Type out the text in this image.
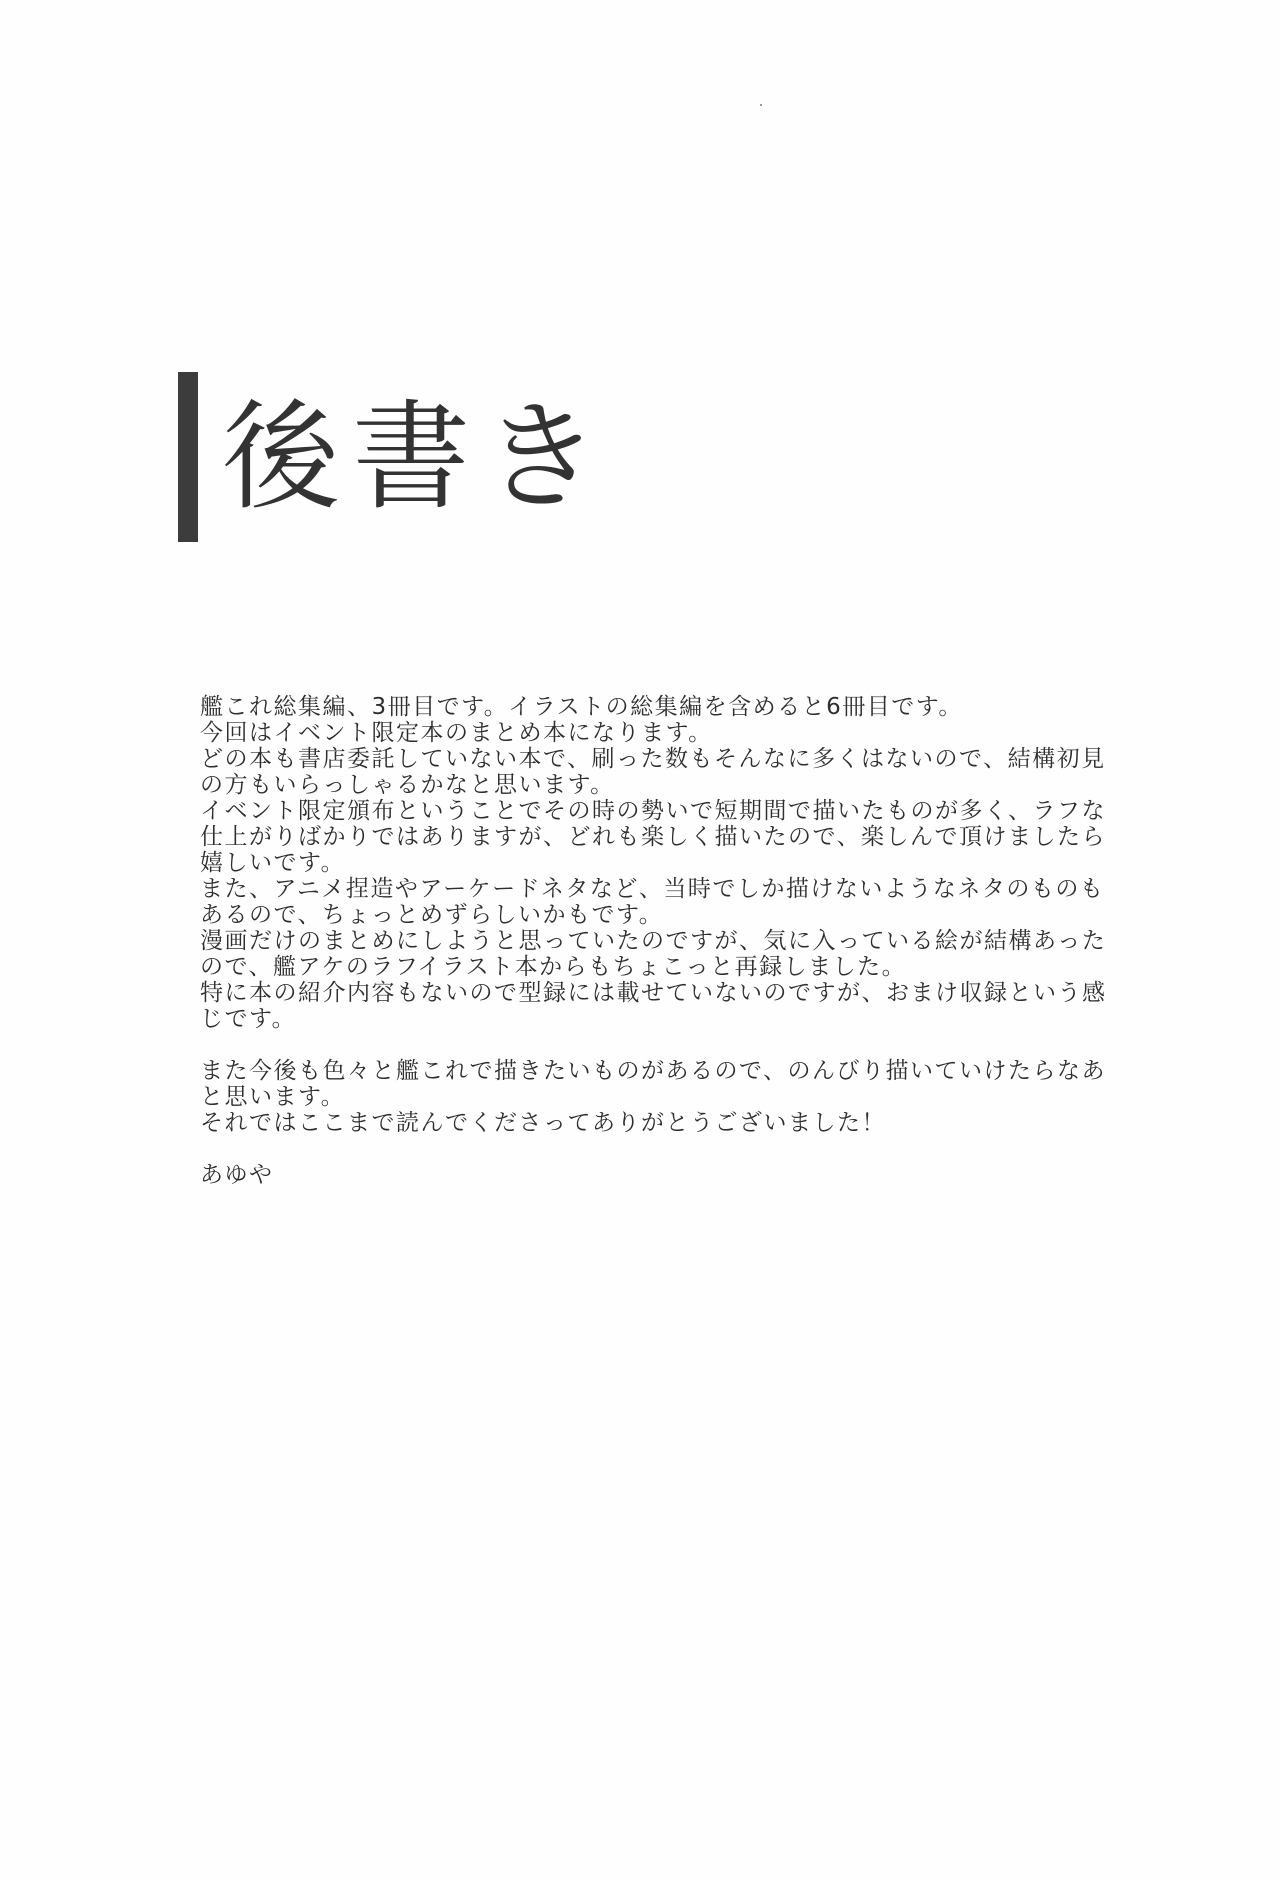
後書き
艦これ総集編、3冊目です。イラストの総集編を含めると6冊目です。
今回はイベント限定本のまとめ本になります。
どの本も書店委託していない本で、刷った数もそんなに多くはないので、結構初見
の方もいらっしゃるかなと思います。
イベント限定頒布ということでその時の勢いで短期間で描いたものが多く、ラフな
仕上がりばかりではありますが、どれも楽しく描いたので、楽しんで頂けましたら
嬉しいです。
また、アニメ捏造やアーケードネタなど、当時でしか描けないようなネタのものも
あるので、ちょっとめずらしいかもです。
漫画だけのまとめにしようと思っていたのですが、気に入っている絵が結構あった
ので、艦アケのラフイラスト本からもちょこっと再録しました。
特に本の紹介内容もないので型録には載せていないのですが、おまけ収録という感
じです。
また今後も色々と艦これで描きたいものがあるので、のんびり描いていけたらなあ
と思います。
それではここまで読んでくださってありがとうございました！
あゆや
